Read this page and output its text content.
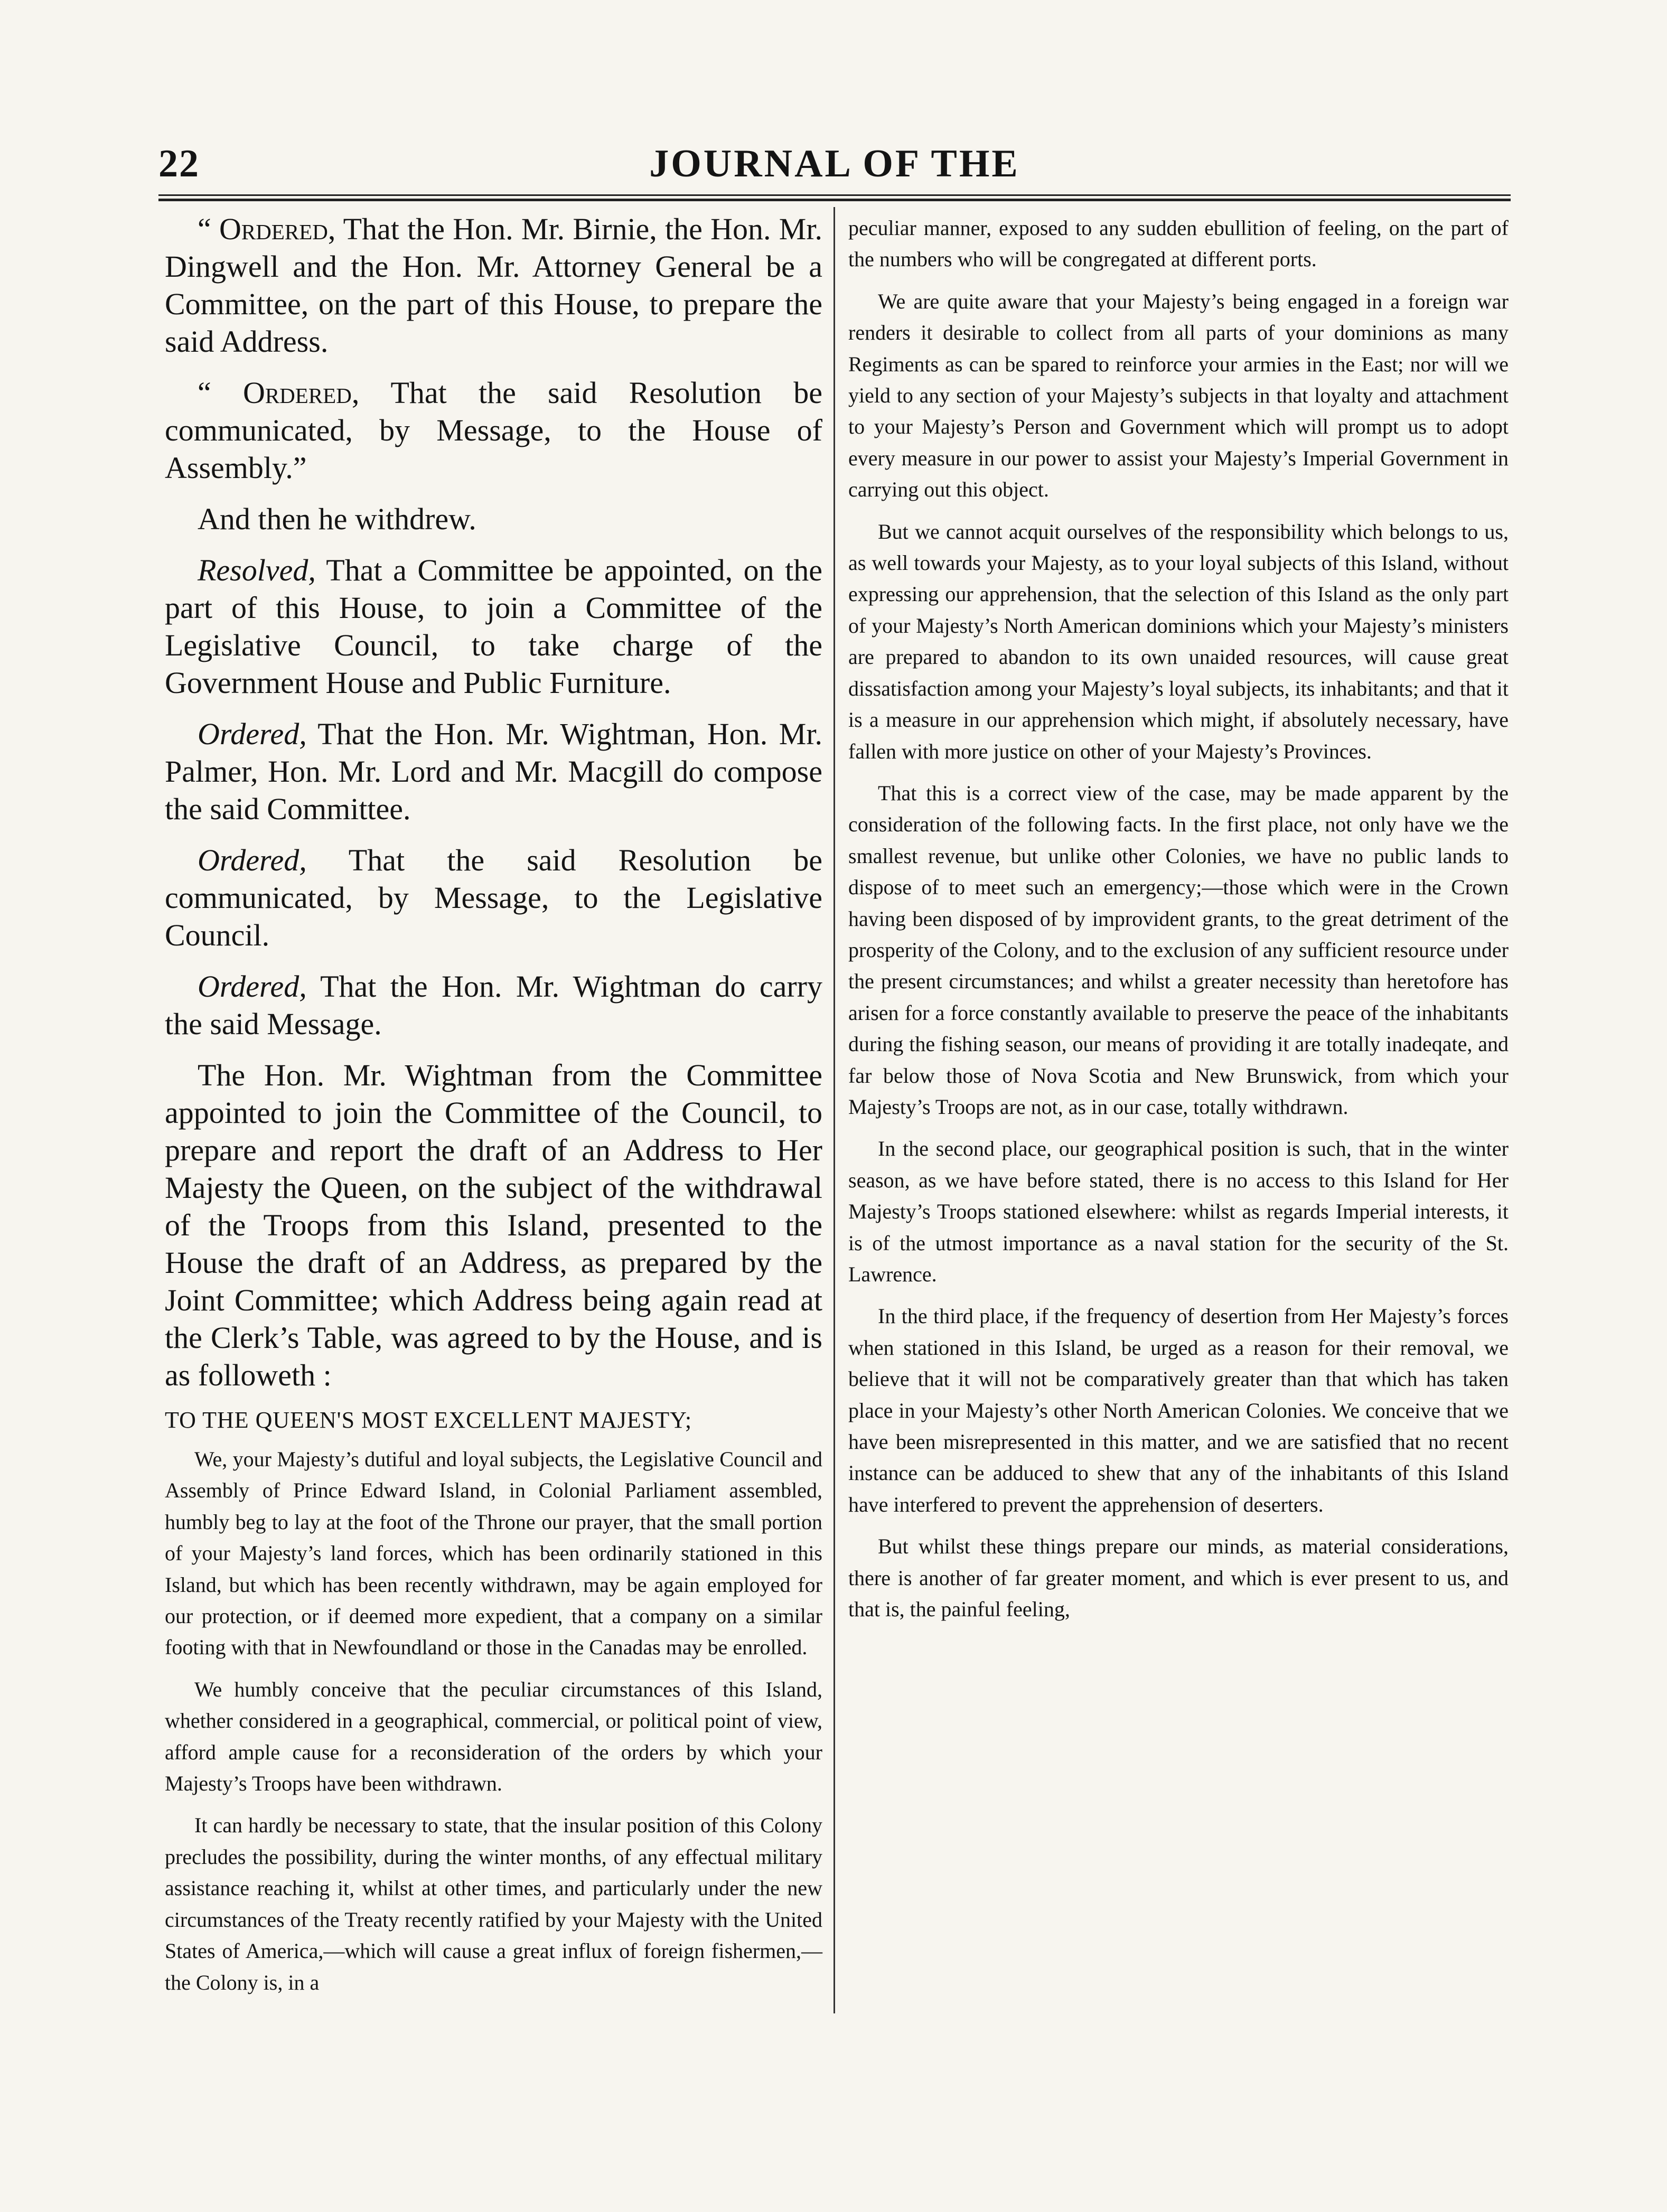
22	JOURNAL OF THE

“ Ordered, That the Hon. Mr. Birnie, the Hon. Mr. Dingwell and the Hon. Mr. Attorney General be a Committee, on the part of this House, to prepare the said Address.

“ Ordered, That the said Resolution be communicated, by Message, to the House of Assembly.”

And then he withdrew.

Resolved, That a Committee be appointed, on the part of this House, to join a Committee of the Legislative Council, to take charge of the Government House and Public Furniture.

Ordered, That the Hon. Mr. Wightman, Hon. Mr. Palmer, Hon. Mr. Lord and Mr. Macgill do compose the said Committee.

Ordered, That the said Resolution be communicated, by Message, to the Legislative Council.

Ordered, That the Hon. Mr. Wightman do carry the said Message.

The Hon. Mr. Wightman from the Committee appointed to join the Committee of the Council, to prepare and report the draft of an Address to Her Majesty the Queen, on the subject of the withdrawal of the Troops from this Island, presented to the House the draft of an Address, as prepared by the Joint Committee; which Address being again read at the Clerk’s Table, was agreed to by the House, and is as followeth :

TO THE QUEEN'S MOST EXCELLENT MAJESTY;

We, your Majesty’s dutiful and loyal subjects, the Legislative Council and Assembly of Prince Edward Island, in Colonial Parliament assembled, humbly beg to lay at the foot of the Throne our prayer, that the small portion of your Majesty’s land forces, which has been ordinarily stationed in this Island, but which has been recently withdrawn, may be again employed for our protection, or if deemed more expedient, that a company on a similar footing with that in Newfoundland or those in the Canadas may be enrolled.

We humbly conceive that the peculiar circumstances of this Island, whether considered in a geographical, commercial, or political point of view, afford ample cause for a reconsideration of the orders by which your Majesty’s Troops have been withdrawn.

It can hardly be necessary to state, that the insular position of this Colony precludes the possibility, during the winter months, of any effectual military assistance reaching it, whilst at other times, and particularly under the new circumstances of the Treaty recently ratified by your Majesty with the United States of America,—which will cause a great influx of foreign fishermen,—the Colony is, in a

peculiar manner, exposed to any sudden ebullition of feeling, on the part of the numbers who will be congregated at different ports.

We are quite aware that your Majesty’s being engaged in a foreign war renders it desirable to collect from all parts of your dominions as many Regiments as can be spared to reinforce your armies in the East; nor will we yield to any section of your Majesty’s subjects in that loyalty and attachment to your Majesty’s Person and Government which will prompt us to adopt every measure in our power to assist your Majesty’s Imperial Government in carrying out this object.

But we cannot acquit ourselves of the responsibility which belongs to us, as well towards your Majesty, as to your loyal subjects of this Island, without expressing our apprehension, that the selection of this Island as the only part of your Majesty’s North American dominions which your Majesty’s ministers are prepared to abandon to its own unaided resources, will cause great dissatisfaction among your Majesty’s loyal subjects, its inhabitants; and that it is a measure in our apprehension which might, if absolutely necessary, have fallen with more justice on other of your Majesty’s Provinces.

That this is a correct view of the case, may be made apparent by the consideration of the following facts. In the first place, not only have we the smallest revenue, but unlike other Colonies, we have no public lands to dispose of to meet such an emergency;—those which were in the Crown having been disposed of by improvident grants, to the great detriment of the prosperity of the Colony, and to the exclusion of any sufficient resource under the present circumstances; and whilst a greater necessity than heretofore has arisen for a force constantly available to preserve the peace of the inhabitants during the fishing season, our means of providing it are totally inadeqate, and far below those of Nova Scotia and New Brunswick, from which your Majesty’s Troops are not, as in our case, totally withdrawn.

In the second place, our geographical position is such, that in the winter season, as we have before stated, there is no access to this Island for Her Majesty’s Troops stationed elsewhere: whilst as regards Imperial interests, it is of the utmost importance as a naval station for the security of the St. Lawrence.

In the third place, if the frequency of desertion from Her Majesty’s forces when stationed in this Island, be urged as a reason for their removal, we believe that it will not be comparatively greater than that which has taken place in your Majesty’s other North American Colonies. We conceive that we have been misrepresented in this matter, and we are satisfied that no recent instance can be adduced to shew that any of the inhabitants of this Island have interfered to prevent the apprehension of deserters.

But whilst these things prepare our minds, as material considerations, there is another of far greater moment, and which is ever present to us, and that is, the painful feeling,
